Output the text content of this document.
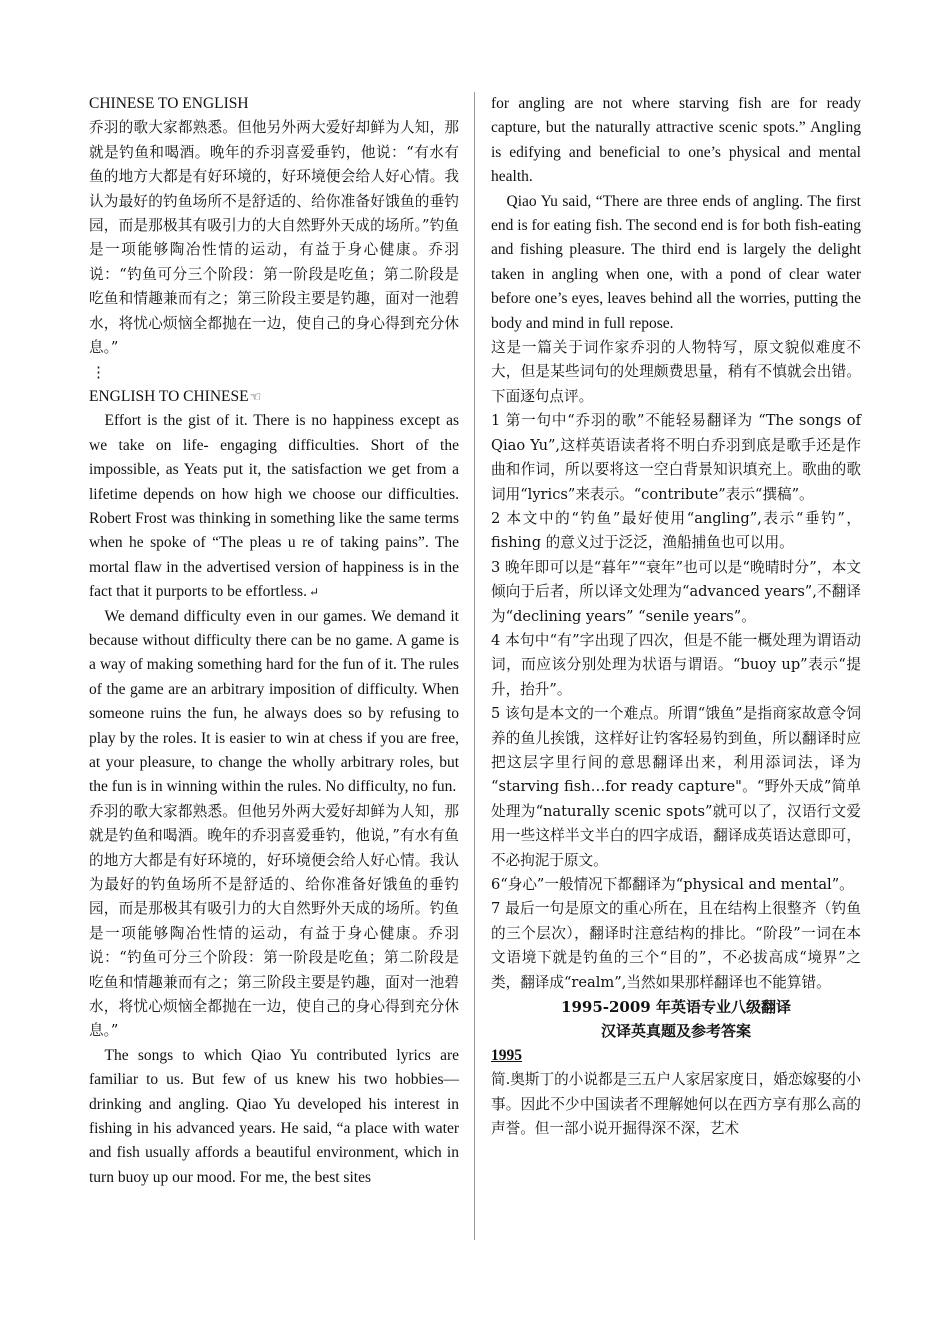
CHINESE TO ENGLISH

乔羽的歌大家都熟悉。但他另外两大爱好却鲜为人知，那就是钓鱼和喝酒。晚年的乔羽喜爱垂钓，他说：“有水有鱼的地方大都是有好环境的，好环境便会给人好心情。我认为最好的钓鱼场所不是舒适的、给你准备好饿鱼的垂钓园，而是那极其有吸引力的大自然野外天成的场所。”钓鱼是一项能够陶冶性情的运动，有益于身心健康。乔羽说：“钓鱼可分三个阶段：第一阶段是吃鱼；第二阶段是吃鱼和情趣兼而有之；第三阶段主要是钓趣，面对一池碧水，将忧心烦恼全都抛在一边，使自己的身心得到充分休息。”

⋮

ENGLISH TO CHINESE☜

Effort is the gist of it. There is no happiness except as we take on life- engaging difficulties. Short of the impossible, as Yeats put it, the satisfaction we get from a lifetime depends on how high we choose our difficulties. Robert Frost was thinking in something like the same terms when he spoke of “The pleas u re of taking pains”. The mortal flaw in the advertised version of happiness is in the fact that it purports to be effortless. ↵

We demand difficulty even in our games. We demand it because without difficulty there can be no game. A game is a way of making something hard for the fun of it. The rules of the game are an arbitrary imposition of difficulty. When someone ruins the fun, he always does so by refusing to play by the roles. It is easier to win at chess if you are free, at your pleasure, to change the wholly arbitrary roles, but the fun is in winning within the rules. No difficulty, no fun.

乔羽的歌大家都熟悉。但他另外两大爱好却鲜为人知，那就是钓鱼和喝酒。晚年的乔羽喜爱垂钓，他说，”有水有鱼的地方大都是有好环境的，好环境便会给人好心情。我认为最好的钓鱼场所不是舒适的、给你准备好饿鱼的垂钓园，而是那极其有吸引力的大自然野外天成的场所。钓鱼是一项能够陶冶性情的运动，有益于身心健康。乔羽说：“钓鱼可分三个阶段：第一阶段是吃鱼；第二阶段是吃鱼和情趣兼而有之；第三阶段主要是钓趣，面对一池碧水，将忧心烦恼全都抛在一边，使自己的身心得到充分休息。”

The songs to which Qiao Yu contributed lyrics are familiar to us. But few of us knew his two hobbies—drinking and angling. Qiao Yu developed his interest in fishing in his advanced years. He said, “a place with water and fish usually affords a beautiful environment, which in turn buoy up our mood. For me, the best sites

for angling are not where starving fish are for ready capture, but the naturally attractive scenic spots.” Angling is edifying and beneficial to one’s physical and mental health.

Qiao Yu said, “There are three ends of angling. The first end is for eating fish. The second end is for both fish-eating and fishing pleasure. The third end is largely the delight taken in angling when one, with a pond of clear water before one’s eyes, leaves behind all the worries, putting the body and mind in full repose.

这是一篇关于词作家乔羽的人物特写，原文貌似难度不大，但是某些词句的处理颇费思量，稍有不慎就会出错。下面逐句点评。

1 第一句中“乔羽的歌”不能轻易翻译为 “The songs of Qiao Yu”,这样英语读者将不明白乔羽到底是歌手还是作曲和作词，所以要将这一空白背景知识填充上。歌曲的歌词用“lyrics”来表示。“contribute”表示“撰稿”。

2 本文中的“钓鱼”最好使用“angling”,表示“垂钓”，fishing 的意义过于泛泛，渔船捕鱼也可以用。

3 晚年即可以是“暮年”“衰年”也可以是“晚晴时分”，本文倾向于后者，所以译文处理为“advanced years”,不翻译为“declining years” “senile years”。

4 本句中“有”字出现了四次，但是不能一概处理为谓语动词，而应该分别处理为状语与谓语。“buoy up”表示“提升，抬升”。

5 该句是本文的一个难点。所谓“饿鱼”是指商家故意令饲养的鱼儿挨饿，这样好让钓客轻易钓到鱼，所以翻译时应把这层字里行间的意思翻译出来，利用添词法，译为 “starving fish…for ready capture"。“野外天成”简单处理为“naturally scenic spots”就可以了，汉语行文爱用一些这样半文半白的四字成语，翻译成英语达意即可，不必拘泥于原文。

6“身心”一般情况下都翻译为“physical and mental”。

7 最后一句是原文的重心所在，且在结构上很整齐（钓鱼的三个层次），翻译时注意结构的排比。“阶段”一词在本文语境下就是钓鱼的三个“目的”，不必拔高成“境界”之类，翻译成“realm”,当然如果那样翻译也不能算错。

1995-2009 年英语专业八级翻译

汉译英真题及参考答案

1995

简.奥斯丁的小说都是三五户人家居家度日，婚恋嫁娶的小事。因此不少中国读者不理解她何以在西方享有那么高的声誉。但一部小说开掘得深不深，艺术
